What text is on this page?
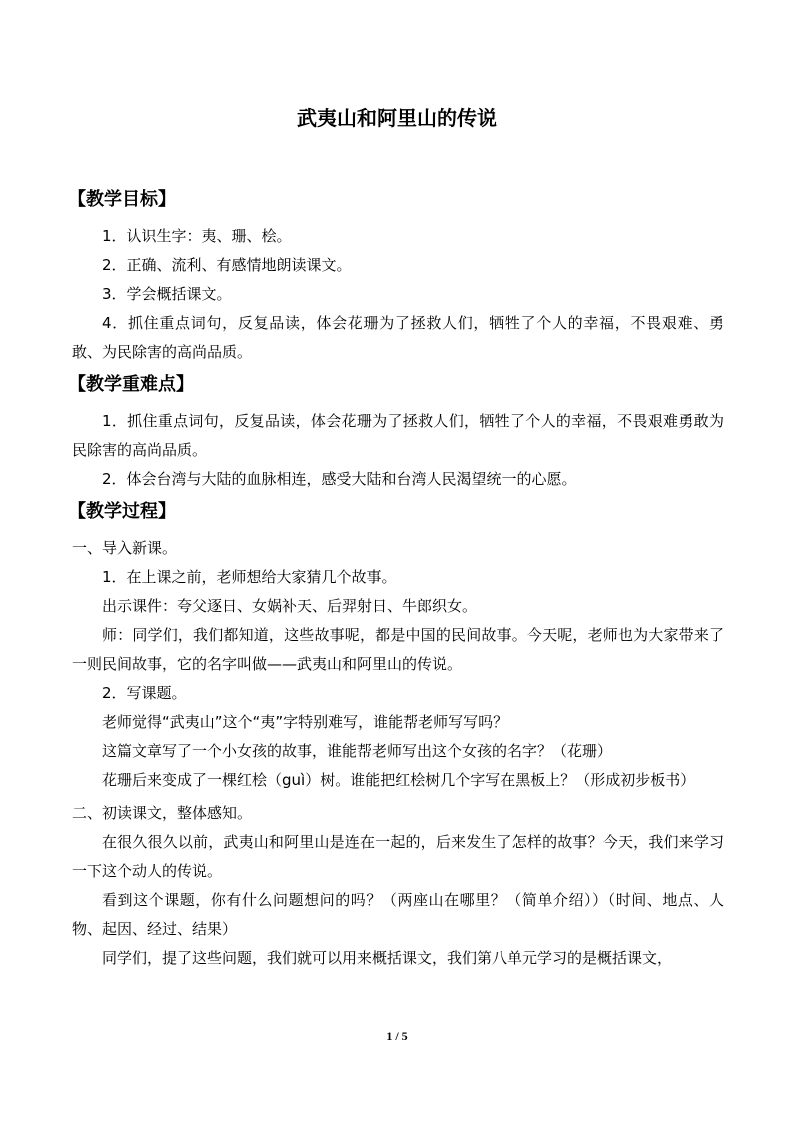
武夷山和阿里山的传说
【教学目标】

1．认识生字：夷、珊、桧。

2．正确、流利、有感情地朗读课文。

3．学会概括课文。

4．抓住重点词句，反复品读，体会花珊为了拯救人们，牺牲了个人的幸福，不畏艰难、勇敢、为民除害的高尚品质。

【教学重难点】

1．抓住重点词句，反复品读，体会花珊为了拯救人们，牺牲了个人的幸福，不畏艰难勇敢为民除害的高尚品质。

2．体会台湾与大陆的血脉相连，感受大陆和台湾人民渴望统一的心愿。

【教学过程】

一、导入新课。

1．在上课之前，老师想给大家猜几个故事。

出示课件：夸父逐日、女娲补天、后羿射日、牛郎织女。

师：同学们，我们都知道，这些故事呢，都是中国的民间故事。今天呢，老师也为大家带来了一则民间故事，它的名字叫做——武夷山和阿里山的传说。

2．写课题。

老师觉得“武夷山”这个“夷”字特别难写，谁能帮老师写写吗？

这篇文章写了一个小女孩的故事，谁能帮老师写出这个女孩的名字？（花珊）

花珊后来变成了一棵红桧（guì）树。谁能把红桧树几个字写在黑板上？（形成初步板书）

二、初读课文，整体感知。

在很久很久以前，武夷山和阿里山是连在一起的，后来发生了怎样的故事？今天，我们来学习一下这个动人的传说。

看到这个课题，你有什么问题想问的吗？（两座山在哪里？（简单介绍））（时间、地点、人物、起因、经过、结果）

同学们，提了这些问题，我们就可以用来概括课文，我们第八单元学习的是概括课文，

1 / 5
